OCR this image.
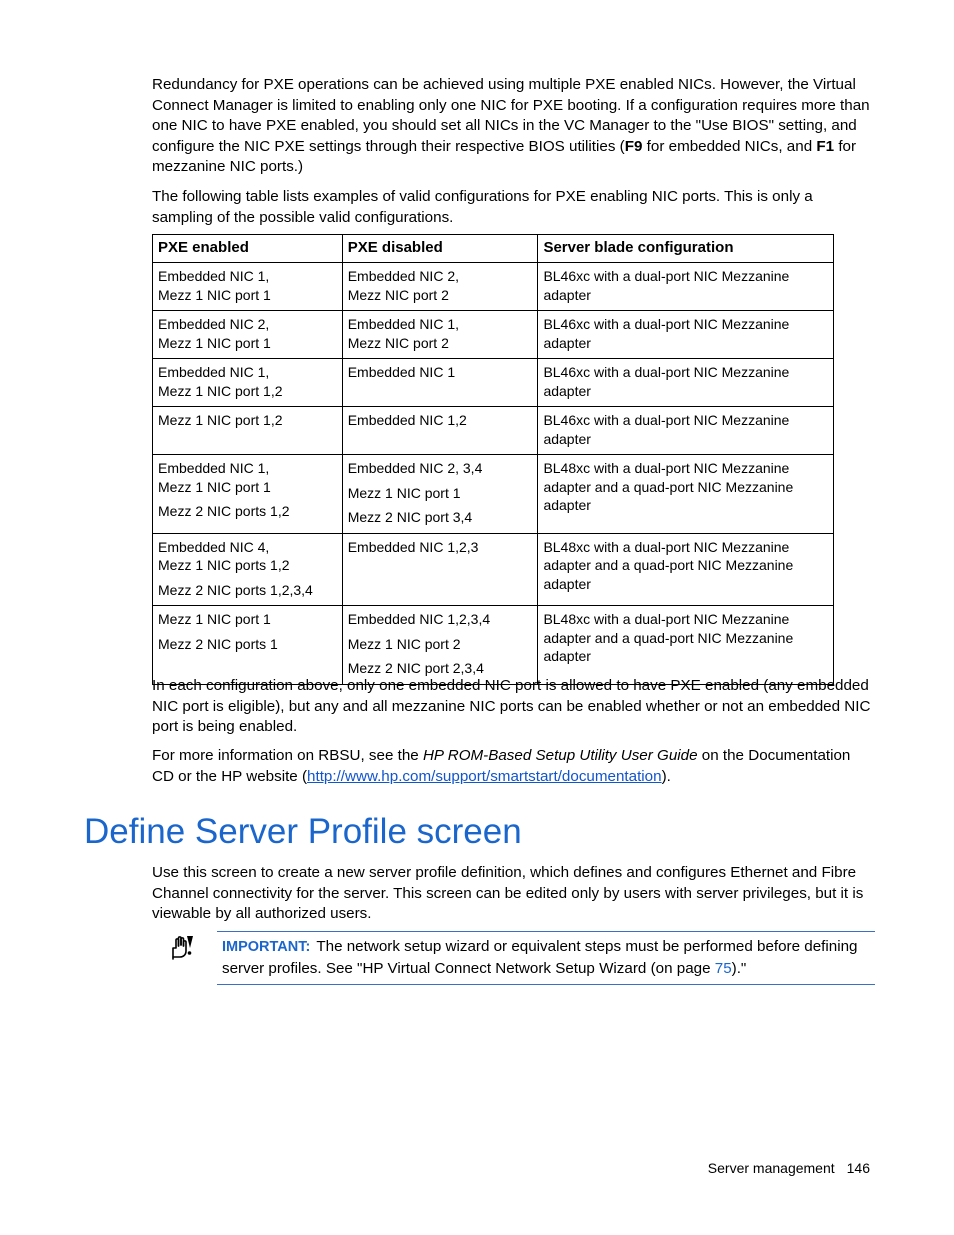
Redundancy for PXE operations can be achieved using multiple PXE enabled NICs. However, the Virtual Connect Manager is limited to enabling only one NIC for PXE booting. If a configuration requires more than one NIC to have PXE enabled, you should set all NICs in the VC Manager to the "Use BIOS" setting, and configure the NIC PXE settings through their respective BIOS utilities (F9 for embedded NICs, and F1 for mezzanine NIC ports.)
The following table lists examples of valid configurations for PXE enabling NIC ports. This is only a sampling of the possible valid configurations.
PXE enabled	PXE disabled	Server blade configuration

Embedded NIC 1,
Mezz 1 NIC port 1	Embedded NIC 2,
Mezz NIC port 2	BL46xc with a dual-port NIC Mezzanine
adapter

Embedded NIC 2,
Mezz 1 NIC port 1	Embedded NIC 1,
Mezz NIC port 2	BL46xc with a dual-port NIC Mezzanine
adapter

Embedded NIC 1,
Mezz 1 NIC port 1,2	Embedded NIC 1	BL46xc with a dual-port NIC Mezzanine
adapter

Mezz 1 NIC port 1,2	Embedded NIC 1,2	BL46xc with a dual-port NIC Mezzanine
adapter

Embedded NIC 1,
Mezz 1 NIC port 1
Mezz 2 NIC ports 1,2	Embedded NIC 2, 3,4
Mezz 1 NIC port 1
Mezz 2 NIC port 3,4	BL48xc with a dual-port NIC Mezzanine
adapter and a quad-port NIC Mezzanine
adapter

Embedded NIC 4,
Mezz 1 NIC ports 1,2
Mezz 2 NIC ports 1,2,3,4	Embedded NIC 1,2,3	BL48xc with a dual-port NIC Mezzanine
adapter and a quad-port NIC Mezzanine
adapter

Mezz 1 NIC port 1
Mezz 2 NIC ports 1	Embedded NIC 1,2,3,4
Mezz 1 NIC port 2
Mezz 2 NIC port 2,3,4	BL48xc with a dual-port NIC Mezzanine
adapter and a quad-port NIC Mezzanine
adapter
In each configuration above, only one embedded NIC port is allowed to have PXE enabled (any embedded NIC port is eligible), but any and all mezzanine NIC ports can be enabled whether or not an embedded NIC port is being enabled.
For more information on RBSU, see the HP ROM-Based Setup Utility User Guide on the Documentation CD or the HP website (http://www.hp.com/support/smartstart/documentation).
Define Server Profile screen
Use this screen to create a new server profile definition, which defines and configures Ethernet and Fibre Channel connectivity for the server. This screen can be edited only by users with server privileges, but it is viewable by all authorized users.
IMPORTANT: The network setup wizard or equivalent steps must be performed before defining server profiles. See "HP Virtual Connect Network Setup Wizard (on page 75)."
Server management 146
